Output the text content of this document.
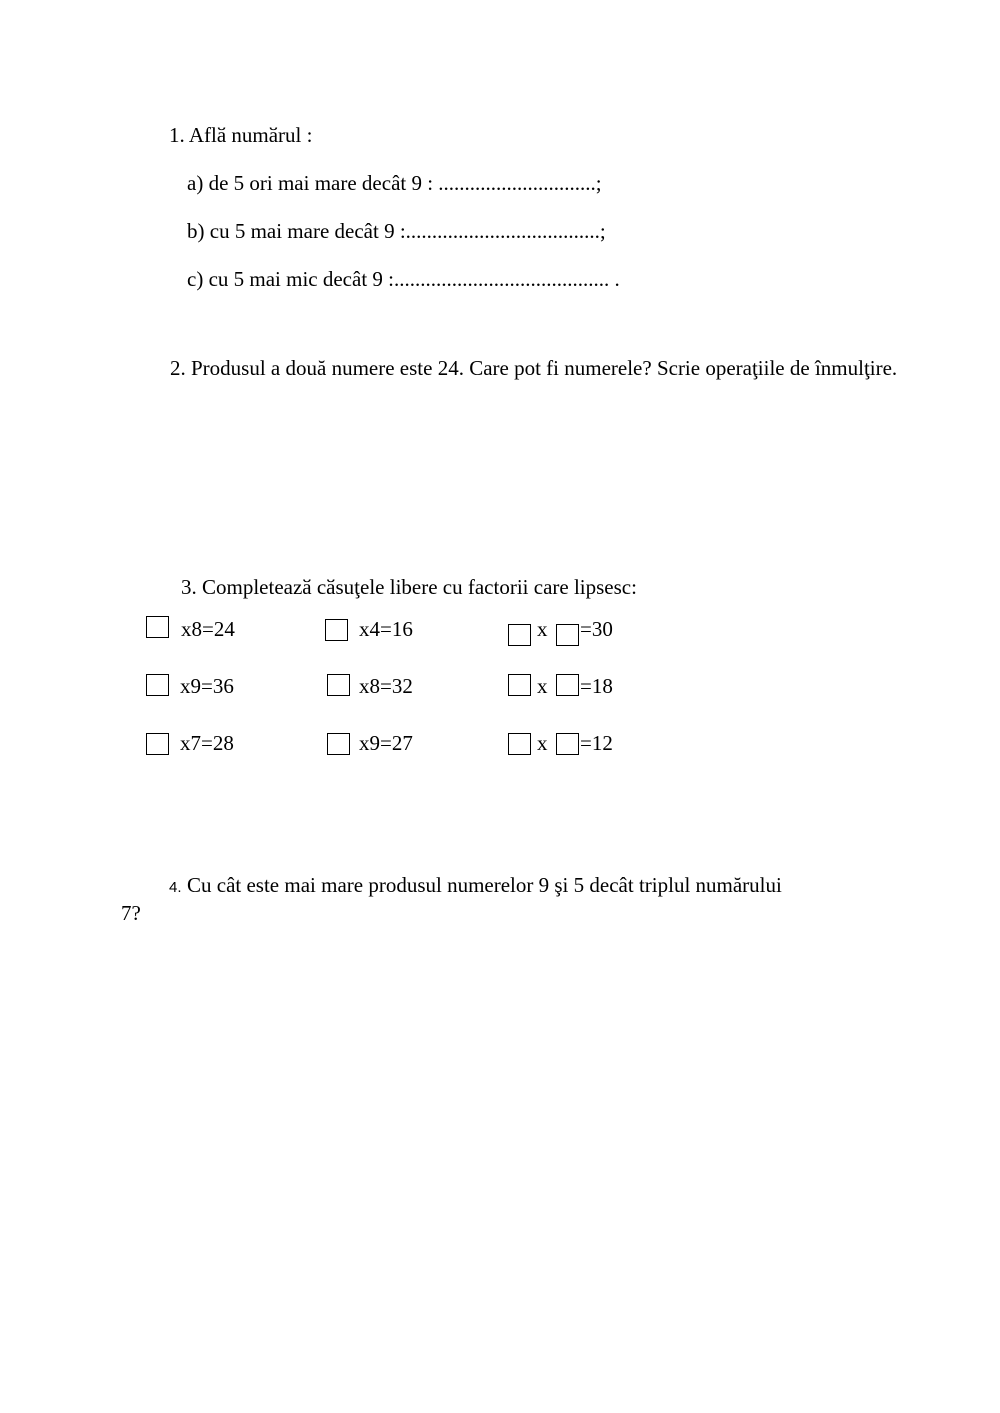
1. Aflӑ numӑrul :
a) de 5 ori mai mare decât 9 : ..............................;
b) cu 5 mai mare decât 9 :.....................................;
c) cu 5 mai mic decât 9 :......................................... .
2. Produsul a două numere este 24. Care pot fi numerele? Scrie operaţiile de înmulţire.
3. Completeazӑ cӑsuţele libere cu factorii care lipsesc:
x8=24	x4=16	x =30
x9=36	x8=32	x =18
x7=28	x9=27	x =12
4. Cu cât este mai mare produsul numerelor 9 şi 5 decât triplul numărului
7?
